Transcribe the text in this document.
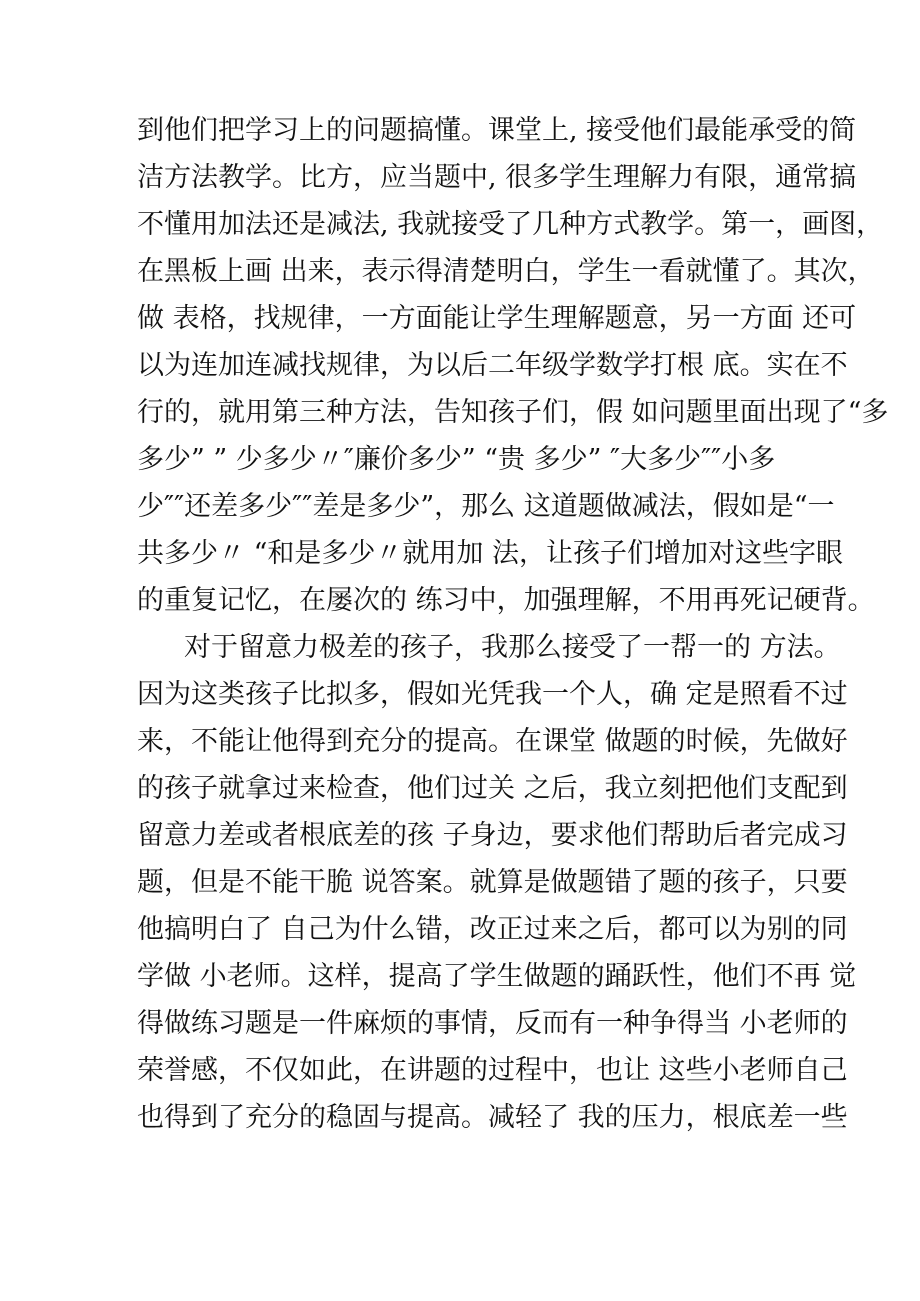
到他们把学习上的问题搞懂。课堂上, 接受他们最能承受的简
洁方法教学。比方，应当题中, 很多学生理解力有限，通常搞
不懂用加法还是减法, 我就接受了几种方式教学。第一，画图，
在黑板上画 出来，表示得清楚明白，学生一看就懂了。其次，
做 表格，找规律，一方面能让学生理解题意，另一方面 还可
以为连加连减找规律，为以后二年级学数学打根 底。实在不
行的，就用第三种方法，告知孩子们，假 如问题里面出现了“多
多少” ” 少多少〃″廉价多少” “贵 多少” ″大多少″″小多
少″″还差多少″″差是多少”，那么 这道题做减法，假如是“一
共多少〃 “和是多少〃就用加 法，让孩子们增加对这些字眼
的重复记忆，在屡次的 练习中，加强理解，不用再死记硬背。
对于留意力极差的孩子，我那么接受了一帮一的 方法。
因为这类孩子比拟多，假如光凭我一个人，确 定是照看不过
来，不能让他得到充分的提高。在课堂 做题的时候，先做好
的孩子就拿过来检查，他们过关 之后，我立刻把他们支配到
留意力差或者根底差的孩 子身边，要求他们帮助后者完成习
题，但是不能干脆 说答案。就算是做题错了题的孩子，只要
他搞明白了 自己为什么错，改正过来之后，都可以为别的同
学做 小老师。这样，提高了学生做题的踊跃性，他们不再 觉
得做练习题是一件麻烦的事情，反而有一种争得当 小老师的
荣誉感，不仅如此，在讲题的过程中，也让 这些小老师自己
也得到了充分的稳固与提高。减轻了 我的压力，根底差一些
